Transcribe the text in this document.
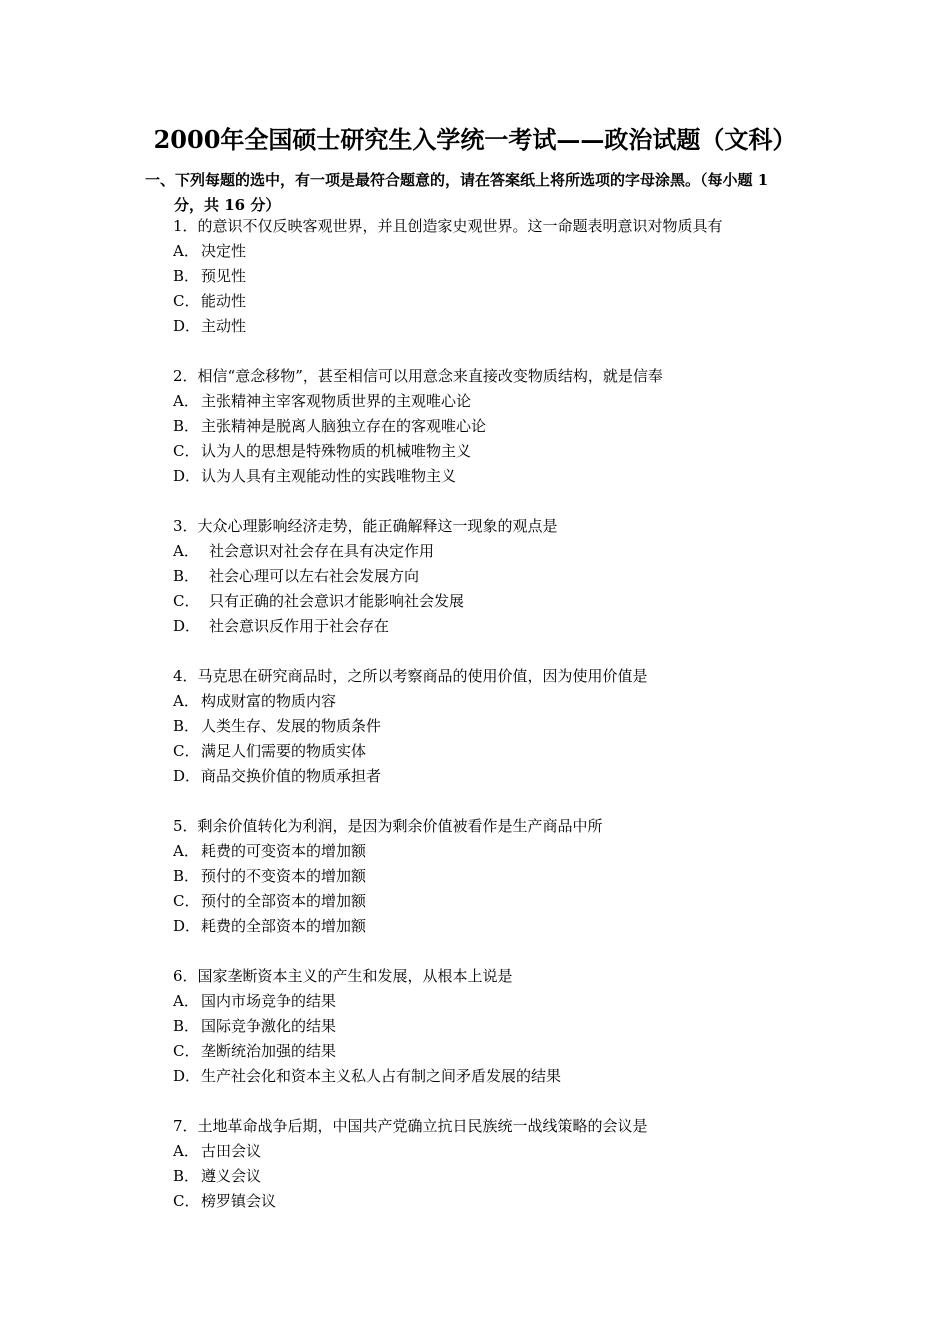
2000年全国硕士研究生入学统一考试——政治试题（文科）
一、下列每题的选中，有一项是最符合题意的，请在答案纸上将所选项的字母涂黑。（每小题 1
分，共 16 分）
1．的意识不仅反映客观世界，并且创造家史观世界。这一命题表明意识对物质具有
A． 决定性
B． 预见性
C． 能动性
D．主动性
2．相信“意念移物”，甚至相信可以用意念来直接改变物质结构，就是信奉
A． 主张精神主宰客观物质世界的主观唯心论
B． 主张精神是脱离人脑独立存在的客观唯心论
C． 认为人的思想是特殊物质的机械唯物主义
D．认为人具有主观能动性的实践唯物主义
3．大众心理影响经济走势，能正确解释这一现象的观点是
A． 社会意识对社会存在具有决定作用
B． 社会心理可以左右社会发展方向
C． 只有正确的社会意识才能影响社会发展
D． 社会意识反作用于社会存在
4．马克思在研究商品时，之所以考察商品的使用价值，因为使用价值是
A． 构成财富的物质内容
B． 人类生存、发展的物质条件
C． 满足人们需要的物质实体
D．商品交换价值的物质承担者
5．剩余价值转化为利润，是因为剩余价值被看作是生产商品中所
A． 耗费的可变资本的增加额
B． 预付的不变资本的增加额
C． 预付的全部资本的增加额
D．耗费的全部资本的增加额
6．国家垄断资本主义的产生和发展，从根本上说是
A． 国内市场竞争的结果
B． 国际竞争激化的结果
C． 垄断统治加强的结果
D．生产社会化和资本主义私人占有制之间矛盾发展的结果
7．土地革命战争后期，中国共产党确立抗日民族统一战线策略的会议是
A． 古田会议
B． 遵义会议
C． 榜罗镇会议
